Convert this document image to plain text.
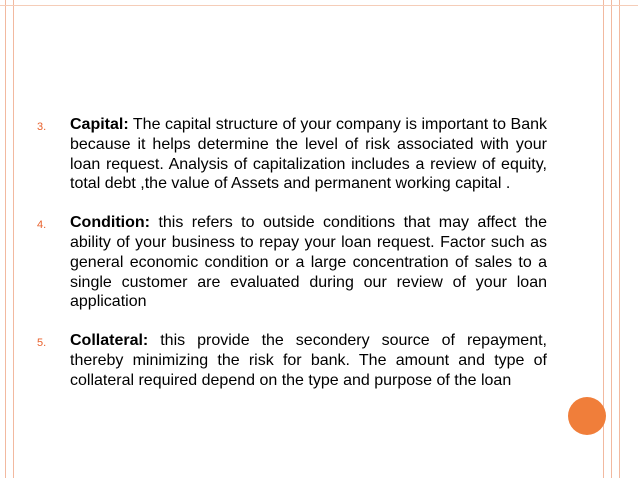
3. Capital: The capital structure of your company is important to Bank because it helps determine the level of risk associated with your loan request. Analysis of capitalization includes a review of equity, total debt ,the value of Assets and permanent working capital .
4. Condition: this refers to outside conditions that may affect the ability of your business to repay your loan request. Factor such as general economic condition or a large concentration of sales to a single customer are evaluated during our review of your loan application
5. Collateral: this provide the secondery source of repayment, thereby minimizing the risk for bank. The amount and type of collateral required depend on the type and purpose of the loan
